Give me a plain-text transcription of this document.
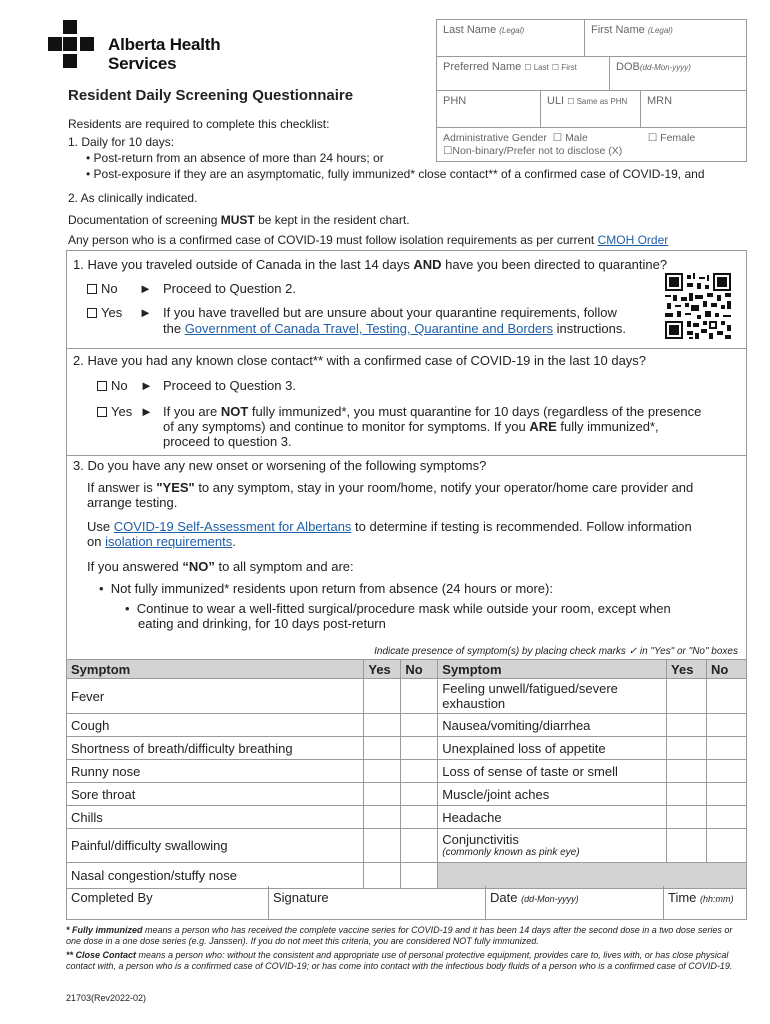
Alberta Health
Services
Last Name (Legal)	First Name (Legal)
Preferred Name ☐ Last ☐ First	DOB(dd-Mon-yyyy)
PHN	ULI ☐ Same as PHN	MRN
Administrative Gender ☐ Male	☐ Female
☐Non-binary/Prefer not to disclose (X)
Resident Daily Screening Questionnaire
Residents are required to complete this checklist:
1. Daily for 10 days:
• Post-return from an absence of more than 24 hours; or
• Post-exposure if they are an asymptomatic, fully immunized* close contact** of a confirmed case of COVID-19, and
2. As clinically indicated.
Documentation of screening MUST be kept in the resident chart.
Any person who is a confirmed case of COVID-19 must follow isolation requirements as per current CMOH Order
1. Have you traveled outside of Canada in the last 14 days AND have you been directed to quarantine?
No ► Proceed to Question 2.
Yes ► If you have travelled but are unsure about your quarantine requirements, follow
the Government of Canada Travel, Testing, Quarantine and Borders instructions.
2. Have you had any known close contact** with a confirmed case of COVID-19 in the last 10 days?
No ► Proceed to Question 3.
Yes ► If you are NOT fully immunized*, you must quarantine for 10 days (regardless of the presence
of any symptoms) and continue to monitor for symptoms. If you ARE fully immunized*,
proceed to question 3.
3. Do you have any new onset or worsening of the following symptoms?
If answer is "YES" to any symptom, stay in your room/home, notify your operator/home care provider and
arrange testing.
Use COVID-19 Self-Assessment for Albertans to determine if testing is recommended. Follow information
on isolation requirements.
If you answered “NO” to all symptom and are:
•  Not fully immunized* residents upon return from absence (24 hours or more):
•  Continue to wear a well-fitted surgical/procedure mask while outside your room, except when
eating and drinking, for 10 days post-return
Indicate presence of symptom(s) by placing check marks ✓ in "Yes" or "No" boxes
Symptom	Yes	No	Symptom	Yes	No
Fever			Feeling unwell/fatigued/severe exhaustion		
Cough			Nausea/vomiting/diarrhea		
Shortness of breath/difficulty breathing			Unexplained loss of appetite		
Runny nose			Loss of sense of taste or smell		
Sore throat			Muscle/joint aches		
Chills			Headache		
Painful/difficulty swallowing			Conjunctivitis
(commonly known as pink eye)		

Nasal congestion/stuffy nose					
Completed By	Signature	Date (dd-Mon-yyyy)	Time (hh:mm)
* Fully immunized means a person who has received the complete vaccine series for COVID-19 and it has been 14 days after the second dose in a two dose series or one dose in a one dose series (e.g. Janssen). If you do not meet this criteria, you are considered NOT fully immunized.
** Close Contact means a person who: without the consistent and appropriate use of personal protective equipment, provides care to, lives with, or has close physical contact with, a person who is a confirmed case of COVID-19; or has come into contact with the infectious body fluids of a person who is a confirmed case of COVID-19.
21703(Rev2022-02)
